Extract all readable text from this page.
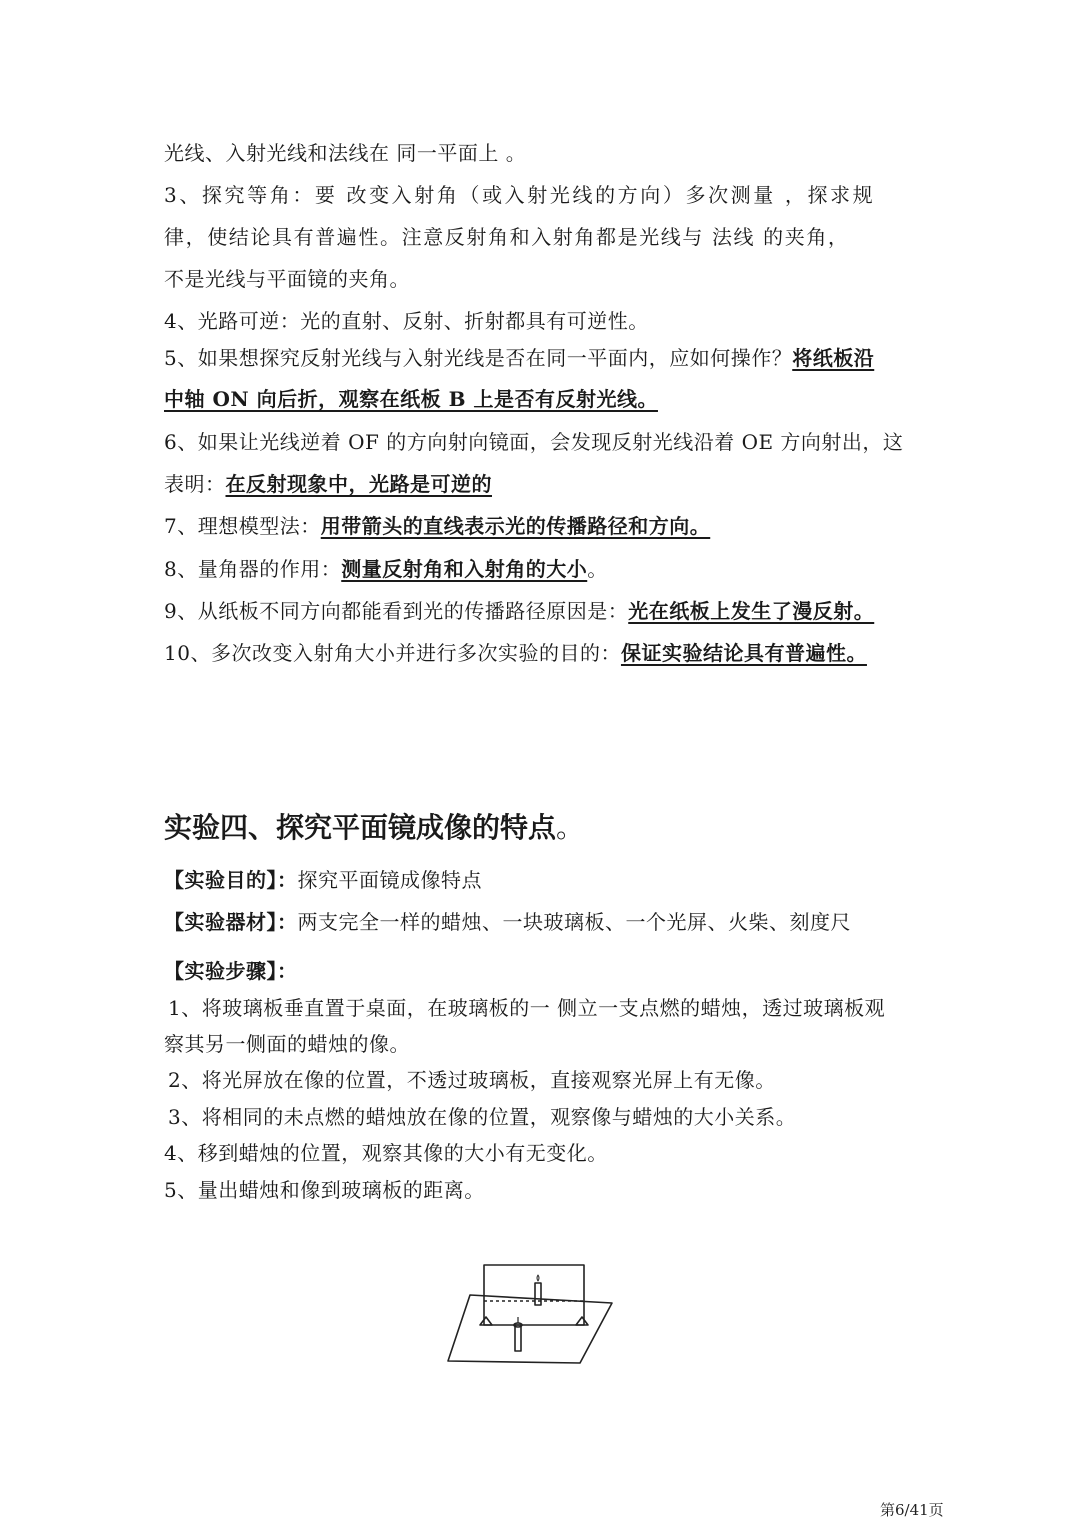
光线、入射光线和法线在 同一平面上 。
3、探究等角：要 改变入射角（或入射光线的方向）多次测量 ，探求规
律，使结论具有普遍性。注意反射角和入射角都是光线与 法线 的夹角，
不是光线与平面镜的夹角。
4、光路可逆：光的直射、反射、折射都具有可逆性。
5、如果想探究反射光线与入射光线是否在同一平面内，应如何操作？将纸板沿
中轴 ON 向后折，观察在纸板 B 上是否有反射光线。
6、如果让光线逆着 OF 的方向射向镜面，会发现反射光线沿着 OE 方向射出，这
表明：在反射现象中，光路是可逆的
7、理想模型法：用带箭头的直线表示光的传播路径和方向。
8、量角器的作用：测量反射角和入射角的大小。
9、从纸板不同方向都能看到光的传播路径原因是：光在纸板上发生了漫反射。
10、多次改变入射角大小并进行多次实验的目的：保证实验结论具有普遍性。
实验四、探究平面镜成像的特点。
【实验目的】：探究平面镜成像特点
【实验器材】：两支完全一样的蜡烛、一块玻璃板、一个光屏、火柴、刻度尺
【实验步骤】：
1、将玻璃板垂直置于桌面，在玻璃板的一 侧立一支点燃的蜡烛，透过玻璃板观
察其另一侧面的蜡烛的像。
2、将光屏放在像的位置，不透过玻璃板，直接观察光屏上有无像。
3、将相同的未点燃的蜡烛放在像的位置，观察像与蜡烛的大小关系。
4、移到蜡烛的位置，观察其像的大小有无变化。
5、量出蜡烛和像到玻璃板的距离。
第6/41页
